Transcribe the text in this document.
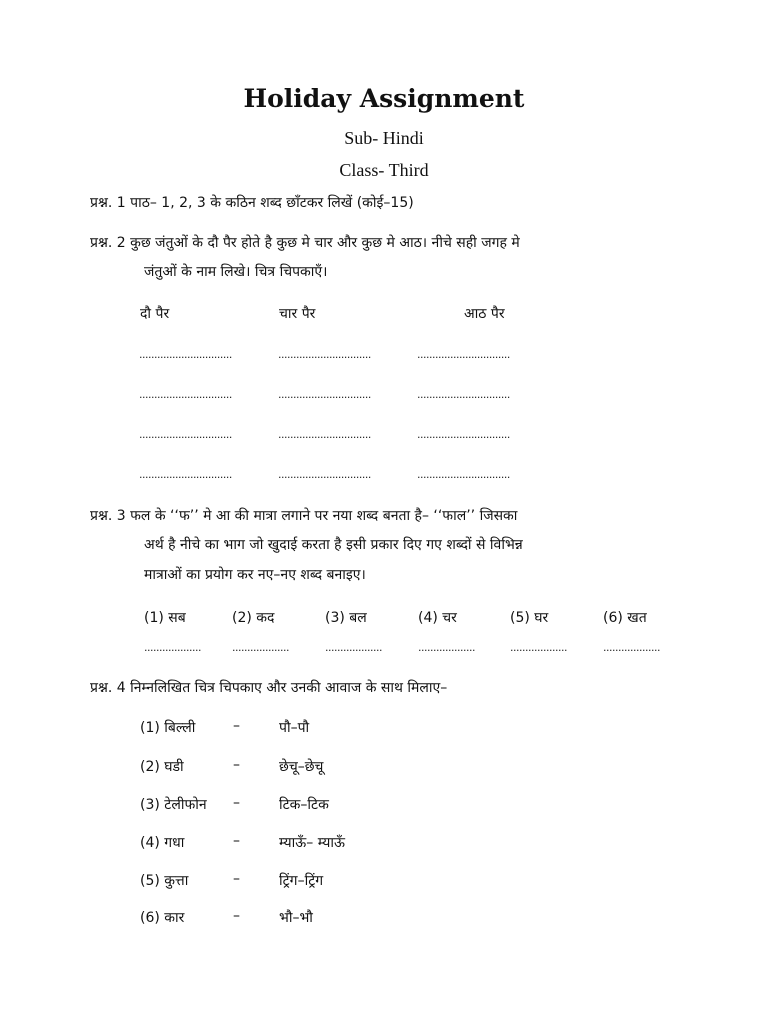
Holiday Assignment
Sub- Hindi
Class- Third
प्रश्न. 1 पाठ– 1, 2, 3 के कठिन शब्द छाँटकर लिखें (कोई–15)
प्रश्न. 2 कुछ जंतुओं के दौ पैर होते है कुछ मे चार और कुछ मे आठ। नीचे सही जगह मे
जंतुओं के नाम लिखे। चित्र चिपकाएँ।
दौ पैर	चार पैर	आठ पैर
...............................	...............................	...............................
...............................	...............................	...............................
...............................	...............................	...............................
...............................	...............................	...............................
प्रश्न. 3 फल के ‘‘फ’’ मे आ की मात्रा लगाने पर नया शब्द बनता है– ‘‘फाल’’ जिसका
अर्थ है नीचे का भाग जो खुदाई करता है इसी प्रकार दिए गए शब्दों से विभिन्न
मात्राओं का प्रयोग कर नए–नए शब्द बनाइए।
(1) सब	(2) कद	(3) बल	(4) चर	(5) घर	(6) खत
...................	...................	...................	...................	...................	...................
प्रश्न. 4 निम्नलिखित चित्र चिपकाए और उनकी आवाज के साथ मिलाए–
(1) बिल्ली	–	पौ–पौ
(2) घडी	–	छेचू–छेचू
(3) टेलीफोन –	टिक–टिक
(4) गधा	–	म्याऊँ– म्याऊँ
(5) कुत्ता	–	ट्रिंग–ट्रिंग
(6) कार	–	भौ–भौ
